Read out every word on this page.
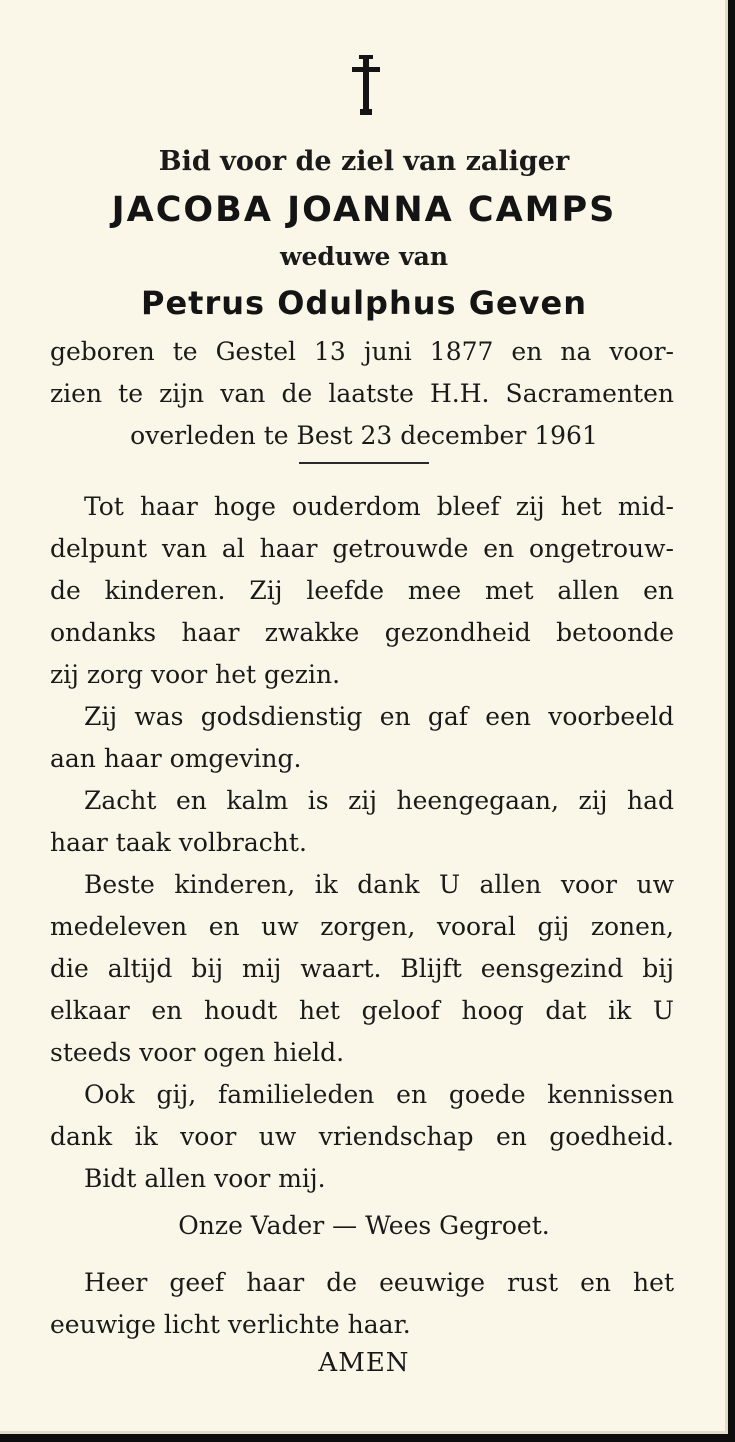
Bid voor de ziel van zaliger
JACOBA JOANNA CAMPS
weduwe van
Petrus Odulphus Geven
geboren te Gestel 13 juni 1877 en na voor-
zien te zijn van de laatste H.H. Sacramenten
overleden te Best 23 december 1961
Tot haar hoge ouderdom bleef zij het mid-
delpunt van al haar getrouwde en ongetrouw-
de kinderen. Zij leefde mee met allen en
ondanks haar zwakke gezondheid betoonde
zij zorg voor het gezin.
Zij was godsdienstig en gaf een voorbeeld
aan haar omgeving.
Zacht en kalm is zij heengegaan, zij had
haar taak volbracht.
Beste kinderen, ik dank U allen voor uw
medeleven en uw zorgen, vooral gij zonen,
die altijd bij mij waart. Blijft eensgezind bij
elkaar en houdt het geloof hoog dat ik U
steeds voor ogen hield.
Ook gij, familieleden en goede kennissen
dank ik voor uw vriendschap en goedheid.
Bidt allen voor mij.
Onze Vader — Wees Gegroet.
Heer geef haar de eeuwige rust en het
eeuwige licht verlichte haar.
AMEN
